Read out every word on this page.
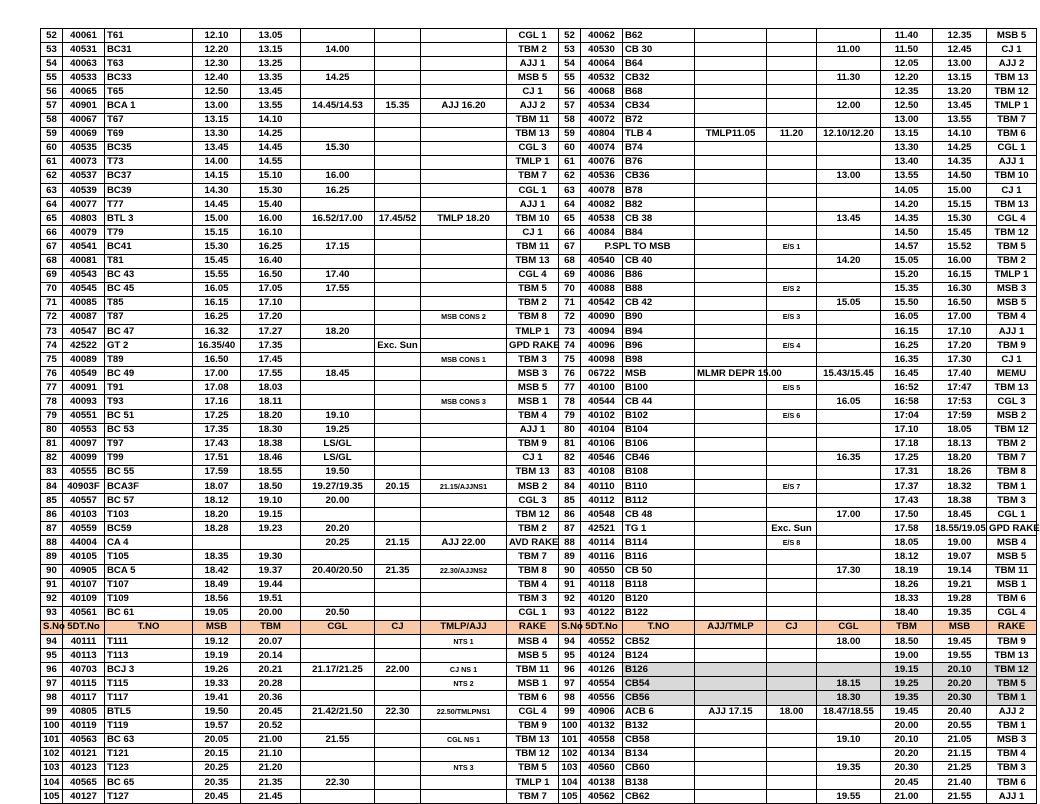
52	40061	T61	12.10	13.05				CGL 1	52	40062	B62				11.40	12.35	MSB 5
53	40531	BC31	12.20	13.15	14.00			TBM 2	53	40530	CB 30			11.00	11.50	12.45	CJ 1
54	40063	T63	12.30	13.25				AJJ 1	54	40064	B64				12.05	13.00	AJJ 2
55	40533	BC33	12.40	13.35	14.25			MSB 5	55	40532	CB32			11.30	12.20	13.15	TBM 13
56	40065	T65	12.50	13.45				CJ 1	56	40068	B68				12.35	13.20	TBM 12
57	40901	BCA 1	13.00	13.55	14.45/14.53	15.35	AJJ 16.20	AJJ 2	57	40534	CB34			12.00	12.50	13.45	TMLP 1
58	40067	T67	13.15	14.10				TBM 11	58	40072	B72				13.00	13.55	TBM 7
59	40069	T69	13.30	14.25				TBM 13	59	40804	TLB 4	TMLP11.05	11.20	12.10/12.20	13.15	14.10	TBM 6
60	40535	BC35	13.45	14.45	15.30			CGL 3	60	40074	B74				13.30	14.25	CGL 1
61	40073	T73	14.00	14.55				TMLP 1	61	40076	B76				13.40	14.35	AJJ 1
62	40537	BC37	14.15	15.10	16.00			TBM 7	62	40536	CB36			13.00	13.55	14.50	TBM 10
63	40539	BC39	14.30	15.30	16.25			CGL 1	63	40078	B78				14.05	15.00	CJ 1
64	40077	T77	14.45	15.40				AJJ 1	64	40082	B82				14.20	15.15	TBM 13
65	40803	BTL 3	15.00	16.00	16.52/17.00	17.45/52	TMLP 18.20	TBM 10	65	40538	CB 38			13.45	14.35	15.30	CGL 4
66	40079	T79	15.15	16.10				CJ 1	66	40084	B84				14.50	15.45	TBM 12
67	40541	BC41	15.30	16.25	17.15			TBM 11	67	P.SPL TO MSB			E/S 1		14.57	15.52	TBM 5
68	40081	T81	15.45	16.40				TBM 13	68	40540	CB 40			14.20	15.05	16.00	TBM 2
69	40543	BC 43	15.55	16.50	17.40			CGL 4	69	40086	B86				15.20	16.15	TMLP 1
70	40545	BC 45	16.05	17.05	17.55			TBM 5	70	40088	B88		E/S 2		15.35	16.30	MSB 3
71	40085	T85	16.15	17.10				TBM 2	71	40542	CB 42			15.05	15.50	16.50	MSB 5
72	40087	T87	16.25	17.20			MSB CONS 2	TBM 8	72	40090	B90		E/S 3		16.05	17.00	TBM 4
73	40547	BC 47	16.32	17.27	18.20			TMLP 1	73	40094	B94				16.15	17.10	AJJ 1
74	42522	GT 2	16.35/40	17.35		Exc. Sun		GPD RAKE	74	40096	B96		E/S 4		16.25	17.20	TBM 9
75	40089	T89	16.50	17.45			MSB CONS 1	TBM 3	75	40098	B98				16.35	17.30	CJ 1
76	40549	BC 49	17.00	17.55	18.45			MSB 3	76	06722	MSB	MLMR DEPR 15.00		15.43/15.45	16.45	17.40	MEMU
77	40091	T91	17.08	18.03				MSB 5	77	40100	B100		E/S 5		16:52	17:47	TBM 13
78	40093	T93	17.16	18.11			MSB CONS 3	MSB 1	78	40544	CB 44			16.05	16:58	17:53	CGL 3
79	40551	BC 51	17.25	18.20	19.10			TBM 4	79	40102	B102		E/S 6		17:04	17:59	MSB 2
80	40553	BC 53	17.35	18.30	19.25			AJJ 1	80	40104	B104				17.10	18.05	TBM 12
81	40097	T97	17.43	18.38	LS/GL			TBM 9	81	40106	B106				17.18	18.13	TBM 2
82	40099	T99	17.51	18.46	LS/GL			CJ 1	82	40546	CB46			16.35	17.25	18.20	TBM 7
83	40555	BC 55	17.59	18.55	19.50			TBM 13	83	40108	B108				17.31	18.26	TBM 8
84	40903F	BCA3F	18.07	18.50	19.27/19.35	20.15	21.15/AJJNS1	MSB 2	84	40110	B110		E/S 7		17.37	18.32	TBM 1
85	40557	BC 57	18.12	19.10	20.00			CGL 3	85	40112	B112				17.43	18.38	TBM 3
86	40103	T103	18.20	19.15				TBM 12	86	40548	CB 48			17.00	17.50	18.45	CGL 1
87	40559	BC59	18.28	19.23	20.20			TBM 2	87	42521	TG 1		Exc. Sun		17.58	18.55/19.05	GPD RAKE
88	44004	CA 4			20.25	21.15	AJJ 22.00	AVD RAKE	88	40114	B114		E/S 8		18.05	19.00	MSB 4
89	40105	T105	18.35	19.30				TBM 7	89	40116	B116				18.12	19.07	MSB 5
90	40905	BCA 5	18.42	19.37	20.40/20.50	21.35	22.30/AJJNS2	TBM 8	90	40550	CB 50			17.30	18.19	19.14	TBM 11
91	40107	T107	18.49	19.44				TBM 4	91	40118	B118				18.26	19.21	MSB 1
92	40109	T109	18.56	19.51				TBM 3	92	40120	B120				18.33	19.28	TBM 6
93	40561	BC 61	19.05	20.00	20.50			CGL 1	93	40122	B122				18.40	19.35	CGL 4
S.No	5DT.No	T.NO	MSB	TBM	CGL	CJ	TMLP/AJJ	RAKE	S.No	5DT.No	T.NO	AJJ/TMLP	CJ	CGL	TBM	MSB	RAKE
94	40111	T111	19.12	20.07			NTS 1	MSB 4	94	40552	CB52			18.00	18.50	19.45	TBM 9
95	40113	T113	19.19	20.14				MSB 5	95	40124	B124				19.00	19.55	TBM 13
96	40703	BCJ 3	19.26	20.21	21.17/21.25	22.00	CJ NS 1	TBM 11	96	40126	B126				19.15	20.10	TBM 12
97	40115	T115	19.33	20.28			NTS 2	MSB 1	97	40554	CB54			18.15	19.25	20.20	TBM 5
98	40117	T117	19.41	20.36				TBM 6	98	40556	CB56			18.30	19.35	20.30	TBM 1
99	40805	BTL5	19.50	20.45	21.42/21.50	22.30	22.50/TMLPNS1	CGL 4	99	40906	ACB 6	AJJ 17.15	18.00	18.47/18.55	19.45	20.40	AJJ 2
100	40119	T119	19.57	20.52				TBM 9	100	40132	B132				20.00	20.55	TBM 1
101	40563	BC 63	20.05	21.00	21.55		CGL NS 1	TBM 13	101	40558	CB58			19.10	20.10	21.05	MSB 3
102	40121	T121	20.15	21.10				TBM 12	102	40134	B134				20.20	21.15	TBM 4
103	40123	T123	20.25	21.20			NTS 3	TBM 5	103	40560	CB60			19.35	20.30	21.25	TBM 3
104	40565	BC 65	20.35	21.35	22.30			TMLP 1	104	40138	B138				20.45	21.40	TBM 6
105	40127	T127	20.45	21.45				TBM 7	105	40562	CB62			19.55	21.00	21.55	AJJ 1
